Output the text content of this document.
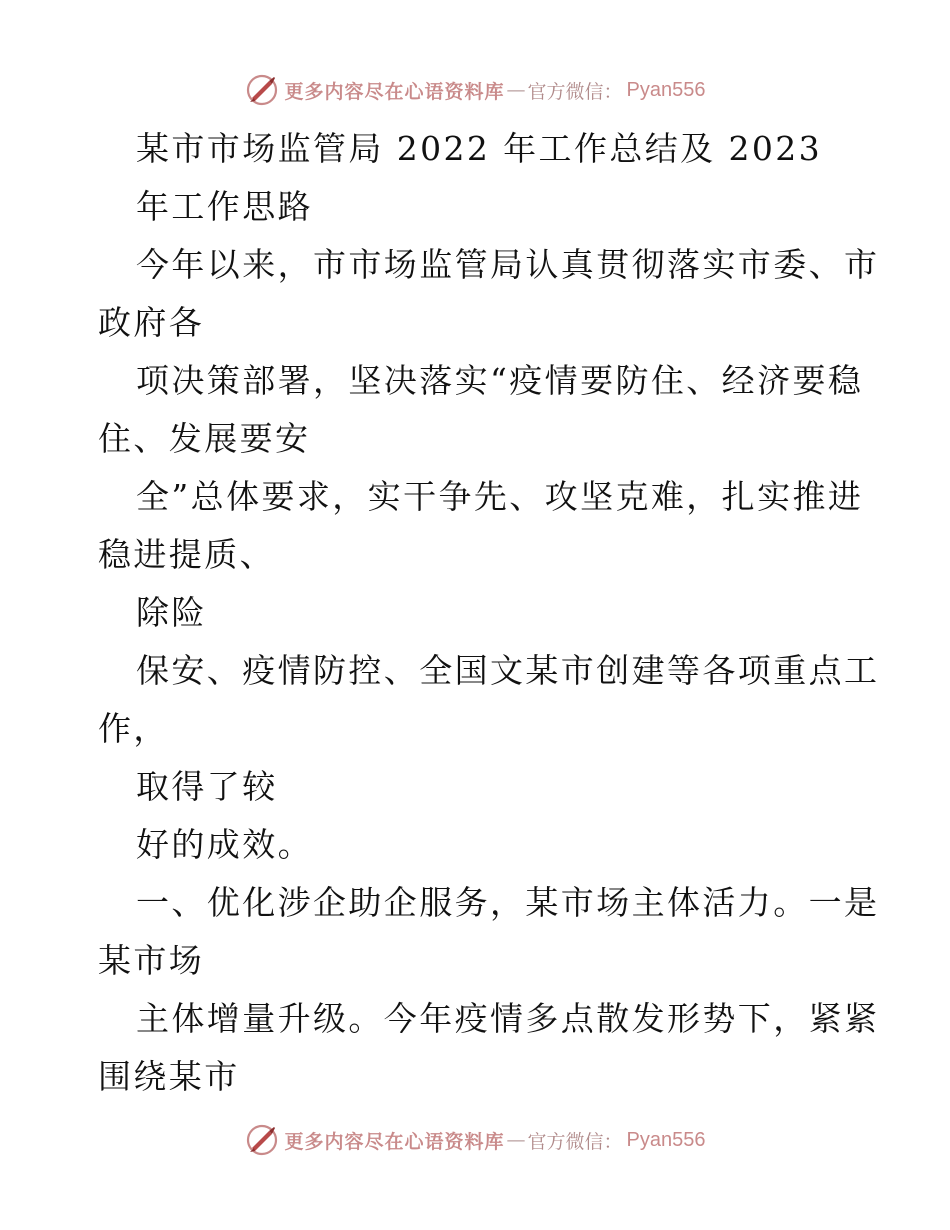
更多内容尽在心语资料库 — 官方微信： Pyan556
某市市场监管局 2022 年工作总结及 2023
年工作思路
今年以来，市市场监管局认真贯彻落实市委、市
政府各
项决策部署，坚决落实“疫情要防住、经济要稳
住、发展要安
全”总体要求，实干争先、攻坚克难，扎实推进
稳进提质、
除险
保安、疫情防控、全国文某市创建等各项重点工
作，
取得了较
好的成效。
一、优化涉企助企服务，某市场主体活力。一是
某市场
主体增量升级。今年疫情多点散发形势下，紧紧
围绕某市
更多内容尽在心语资料库 — 官方微信： Pyan556
